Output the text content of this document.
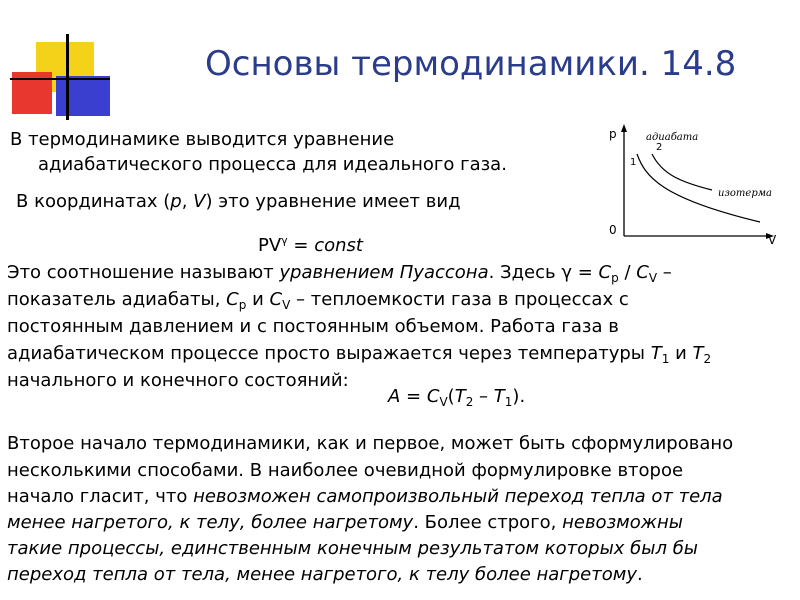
Основы термодинамики. 14.8
В термодинамике выводится уравнение
адиабатического процесса для идеального газа.
В координатах (p, V) это уравнение имеет вид
$PV^\gamma$ = const
Это соотношение называют уравнением Пуассона. Здесь $\gamma = C_p / C_V$ –
показатель адиабаты, $C_p$ и $C_V$ – теплоемкости газа в процессах с
постоянным давлением и с постоянным объемом. Работа газа в
адиабатическом процессе просто выражается через температуры $T_1$ и $T_2$
начального и конечного состояний:
$A = C_V(T_2 - T_1)$.
Второе начало термодинамики, как и первое, может быть сформулировано
несколькими способами. В наиболее очевидной формулировке второе
начало гласит, что невозможен самопроизвольный переход тепла от тела
менее нагретого, к телу, более нагретому. Более строго, невозможны
такие процессы, единственным конечным результатом которых был бы
переход тепла от тела, менее нагретого, к телу более нагретому.
p
V
0
1
2
адиабата
изотерма
